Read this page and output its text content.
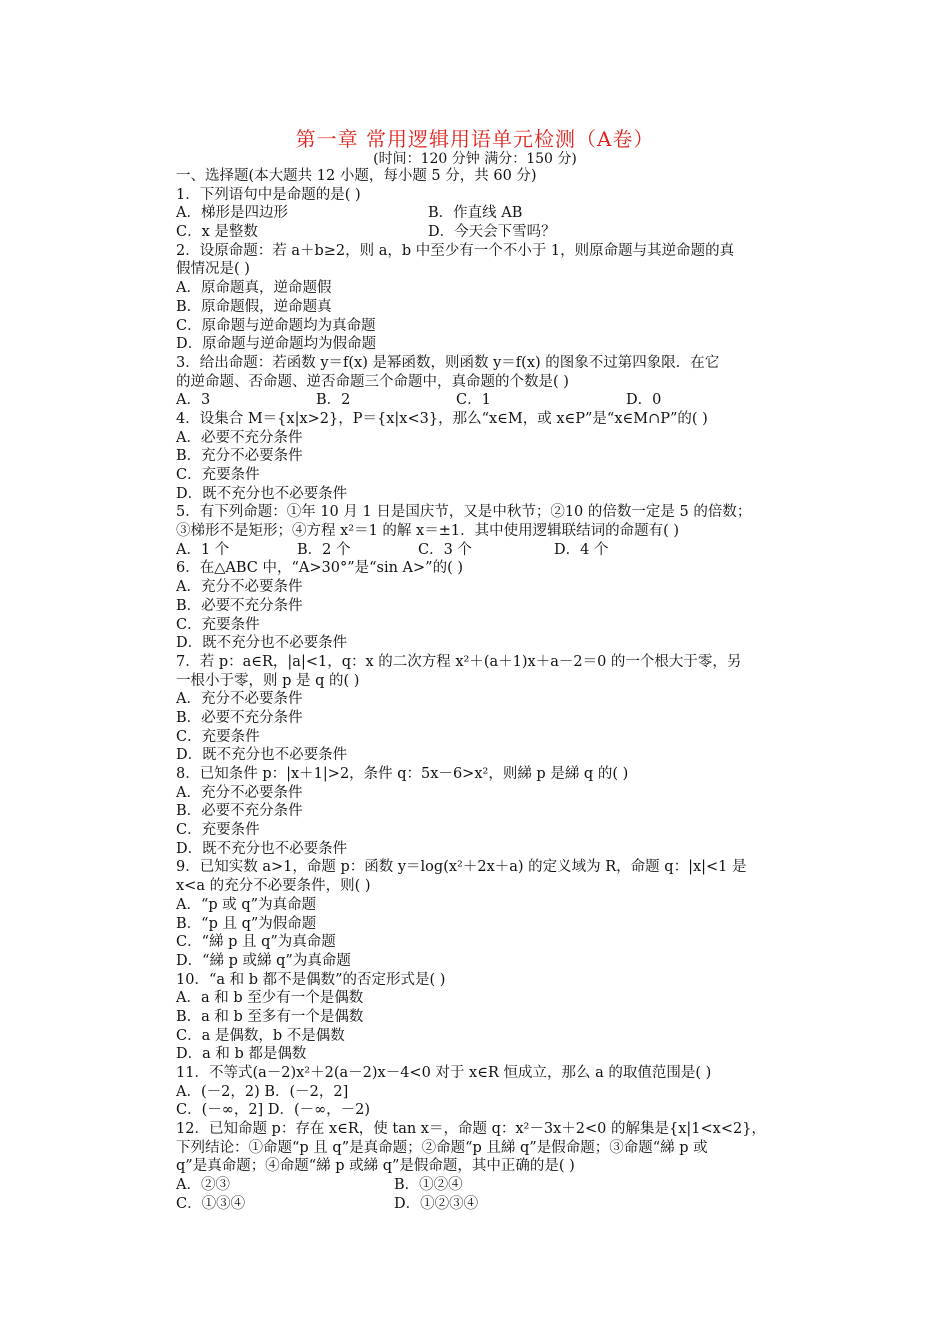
第一章 常用逻辑用语单元检测（A卷）
(时间：120 分钟 满分：150 分)
一、选择题(本大题共 12 小题，每小题 5 分，共 60 分)
1．下列语句中是命题的是( )
A．梯形是四边形	B．作直线 AB
C．x 是整数	D．今天会下雪吗？
2．设原命题：若 a＋b≥2，则 a，b 中至少有一个不小于 1，则原命题与其逆命题的真
假情况是( )
A．原命题真，逆命题假
B．原命题假，逆命题真
C．原命题与逆命题均为真命题
D．原命题与逆命题均为假命题
3．给出命题：若函数 y＝f(x) 是幂函数，则函数 y＝f(x) 的图象不过第四象限．在它
的逆命题、否命题、逆否命题三个命题中，真命题的个数是( )
A．3	B．2	C．1	D．0
4．设集合 M＝{x|x>2}，P＝{x|x<3}，那么“x∈M，或 x∈P”是“x∈M∩P”的( )
A．必要不充分条件
B．充分不必要条件
C．充要条件
D．既不充分也不必要条件
5．有下列命题：①年 10 月 1 日是国庆节，又是中秋节；②10 的倍数一定是 5 的倍数；
③梯形不是矩形；④方程 x²＝1 的解 x＝±1．其中使用逻辑联结词的命题有( )
A．1 个	B．2 个	C．3 个	D．4 个
6．在△ABC 中，“A>30°”是“sin A>”的( )
A．充分不必要条件
B．必要不充分条件
C．充要条件
D．既不充分也不必要条件
7．若 p：a∈R，|a|<1，q：x 的二次方程 x²＋(a＋1)x＋a－2＝0 的一个根大于零，另
一根小于零，则 p 是 q 的( )
A．充分不必要条件
B．必要不充分条件
C．充要条件
D．既不充分也不必要条件
8．已知条件 p：|x＋1|>2，条件 q：5x－6>x²，则綈 p 是綈 q 的( )
A．充分不必要条件
B．必要不充分条件
C．充要条件
D．既不充分也不必要条件
9．已知实数 a>1，命题 p：函数 y＝log(x²＋2x＋a) 的定义域为 R，命题 q：|x|<1 是
x<a 的充分不必要条件，则( )
A．“p 或 q”为真命题
B．“p 且 q”为假命题
C．“綈 p 且 q”为真命题
D．“綈 p 或綈 q”为真命题
10．“a 和 b 都不是偶数”的否定形式是( )
A．a 和 b 至少有一个是偶数
B．a 和 b 至多有一个是偶数
C．a 是偶数，b 不是偶数
D．a 和 b 都是偶数
11．不等式(a－2)x²＋2(a－2)x－4<0 对于 x∈R 恒成立，那么 a 的取值范围是( )
A．(－2，2) B．(－2，2]
C．(－∞，2] D．(－∞，－2)
12．已知命题 p：存在 x∈R，使 tan x＝，命题 q：x²－3x＋2<0 的解集是{x|1<x<2}，
下列结论：①命题“p 且 q”是真命题；②命题“p 且綈 q”是假命题；③命题“綈 p 或
q”是真命题；④命题“綈 p 或綈 q”是假命题，其中正确的是( )
A．②③	B．①②④
C．①③④	D．①②③④
